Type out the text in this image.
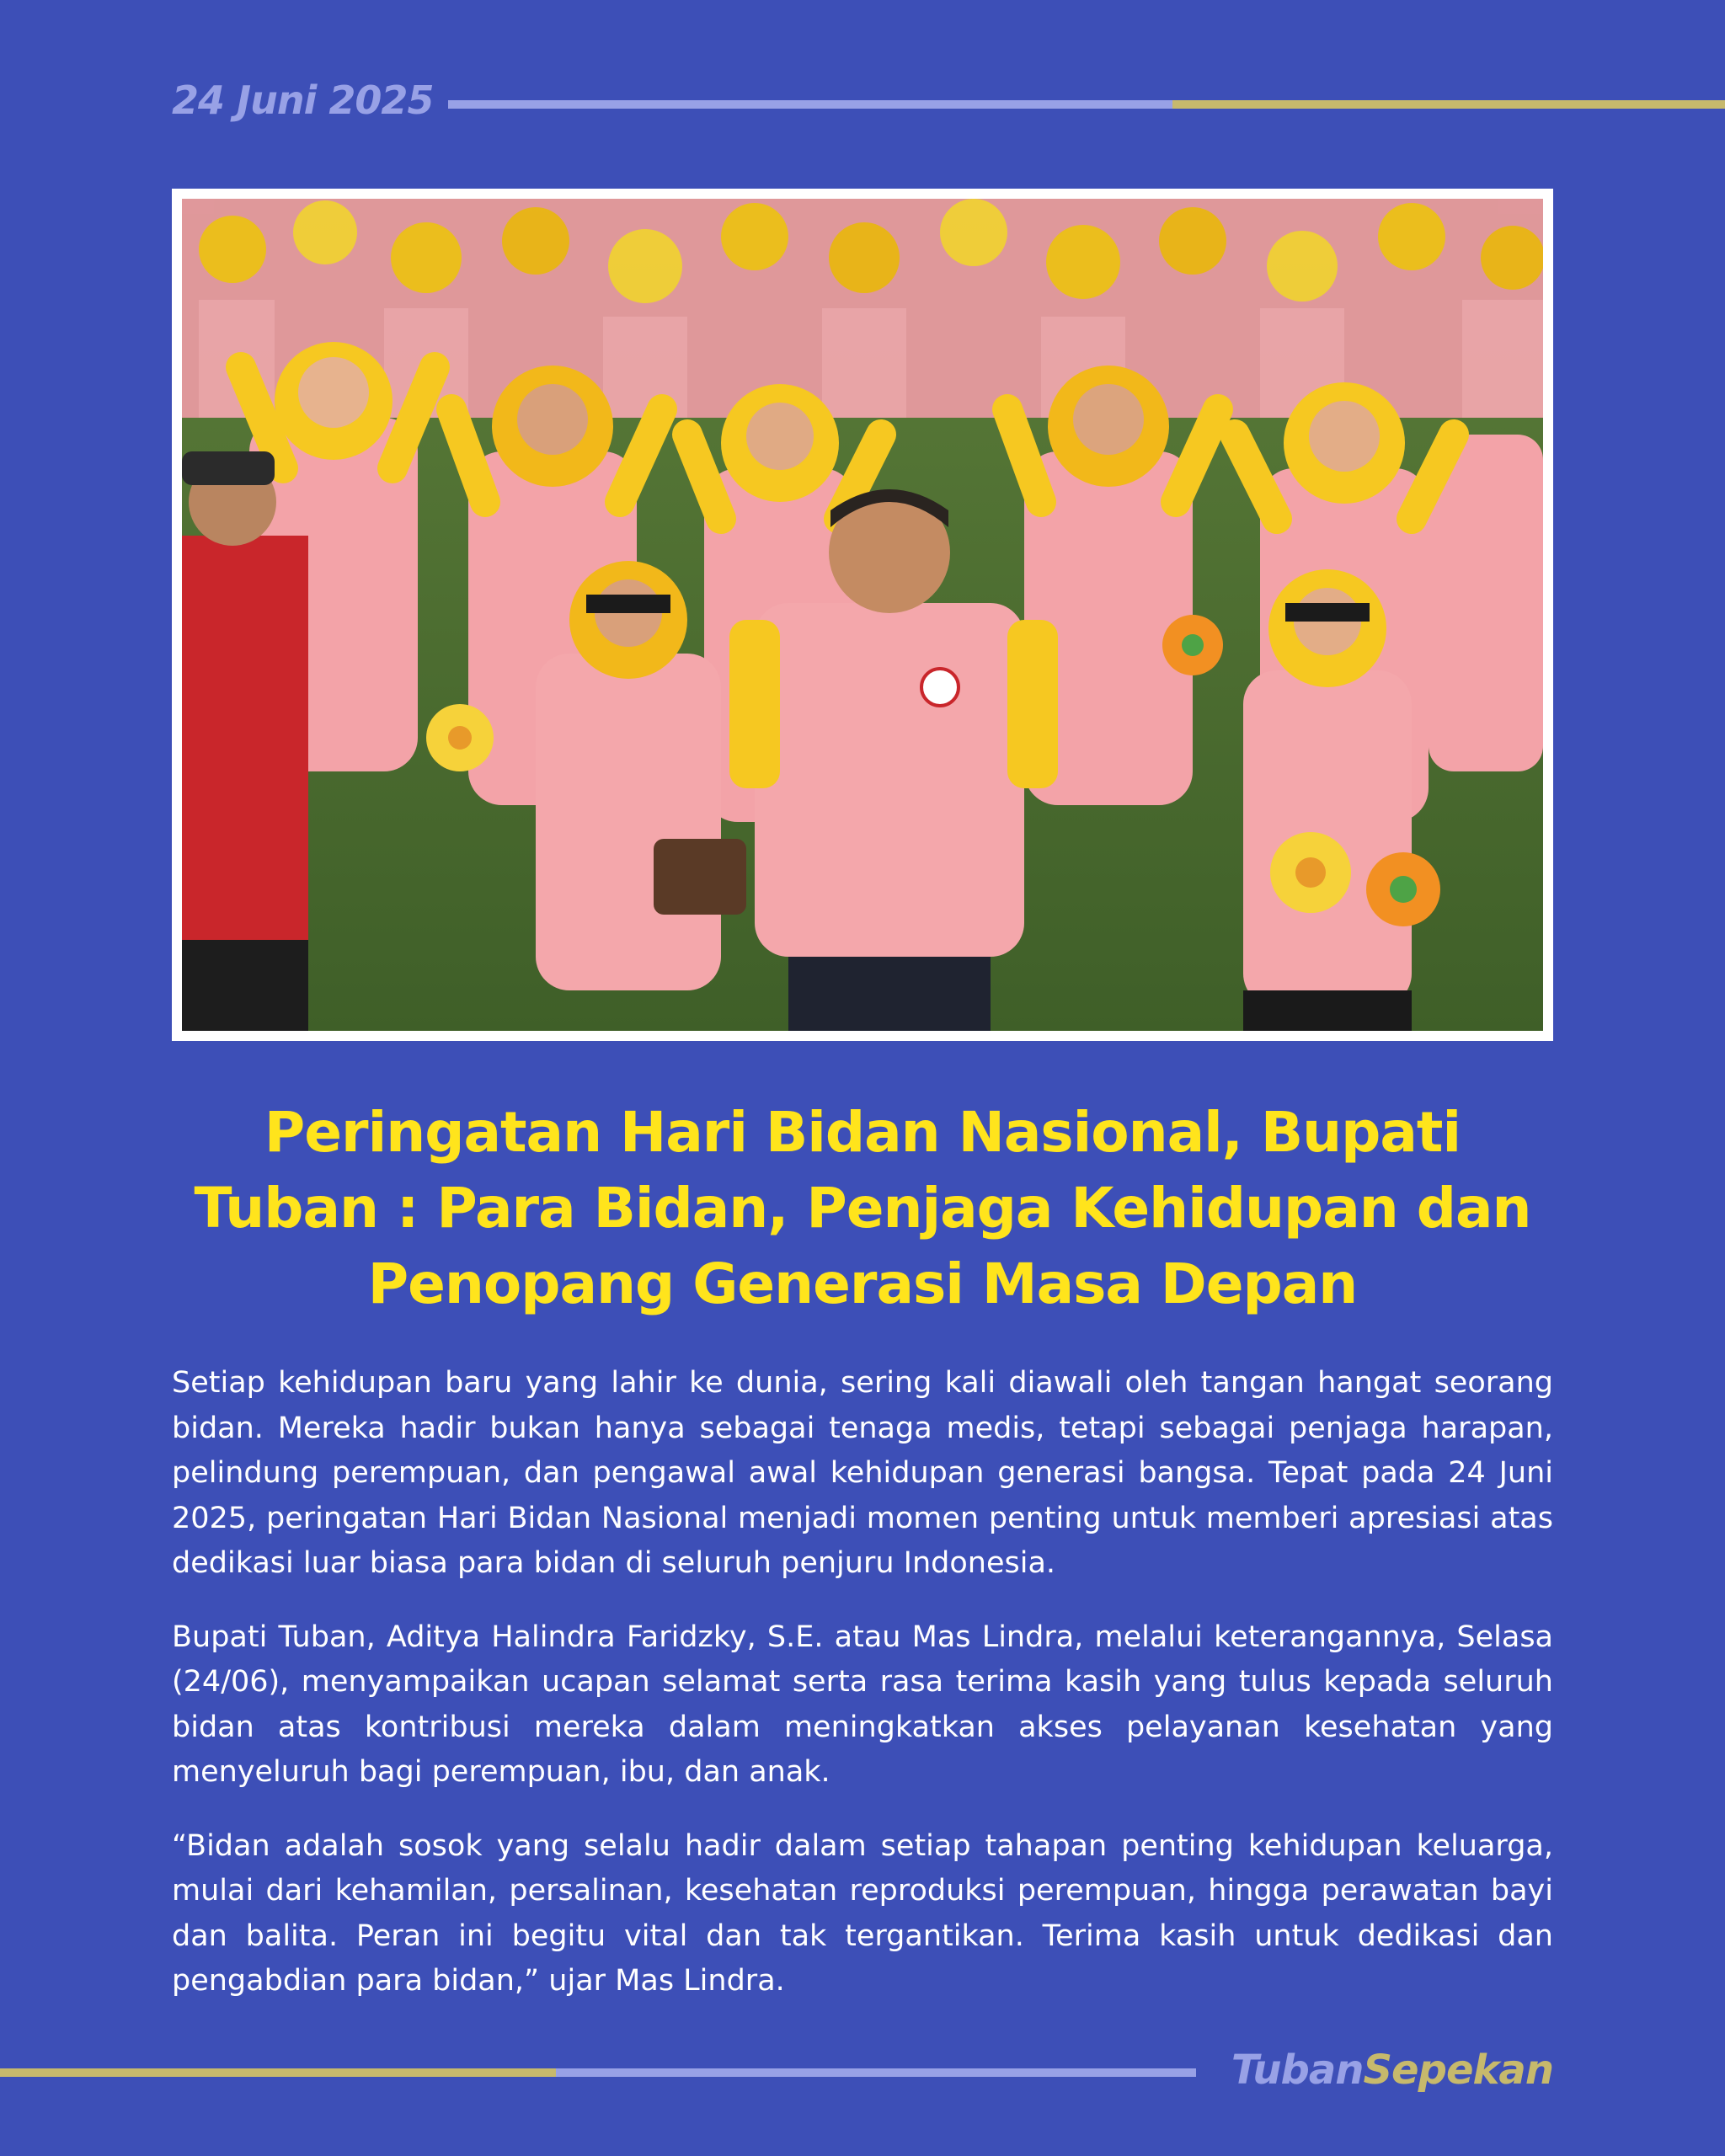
24 Juni 2025
Peringatan Hari Bidan Nasional, Bupati Tuban : Para Bidan, Penjaga Kehidupan dan Penopang Generasi Masa Depan

Setiap kehidupan baru yang lahir ke dunia, sering kali diawali oleh tangan hangat seorang bidan. Mereka hadir bukan hanya sebagai tenaga medis, tetapi sebagai penjaga harapan, pelindung perempuan, dan pengawal awal kehidupan generasi bangsa. Tepat pada 24 Juni 2025, peringatan Hari Bidan Nasional menjadi momen penting untuk memberi apresiasi atas dedikasi luar biasa para bidan di seluruh penjuru Indonesia.

Bupati Tuban, Aditya Halindra Faridzky, S.E. atau Mas Lindra, melalui keterangannya, Selasa (24/06), menyampaikan ucapan selamat serta rasa terima kasih yang tulus kepada seluruh bidan atas kontribusi mereka dalam meningkatkan akses pelayanan kesehatan yang menyeluruh bagi perempuan, ibu, dan anak.

“Bidan adalah sosok yang selalu hadir dalam setiap tahapan penting kehidupan keluarga, mulai dari kehamilan, persalinan, kesehatan reproduksi perempuan, hingga perawatan bayi dan balita. Peran ini begitu vital dan tak tergantikan. Terima kasih untuk dedikasi dan pengabdian para bidan,” ujar Mas Lindra.

TubanSepekan
